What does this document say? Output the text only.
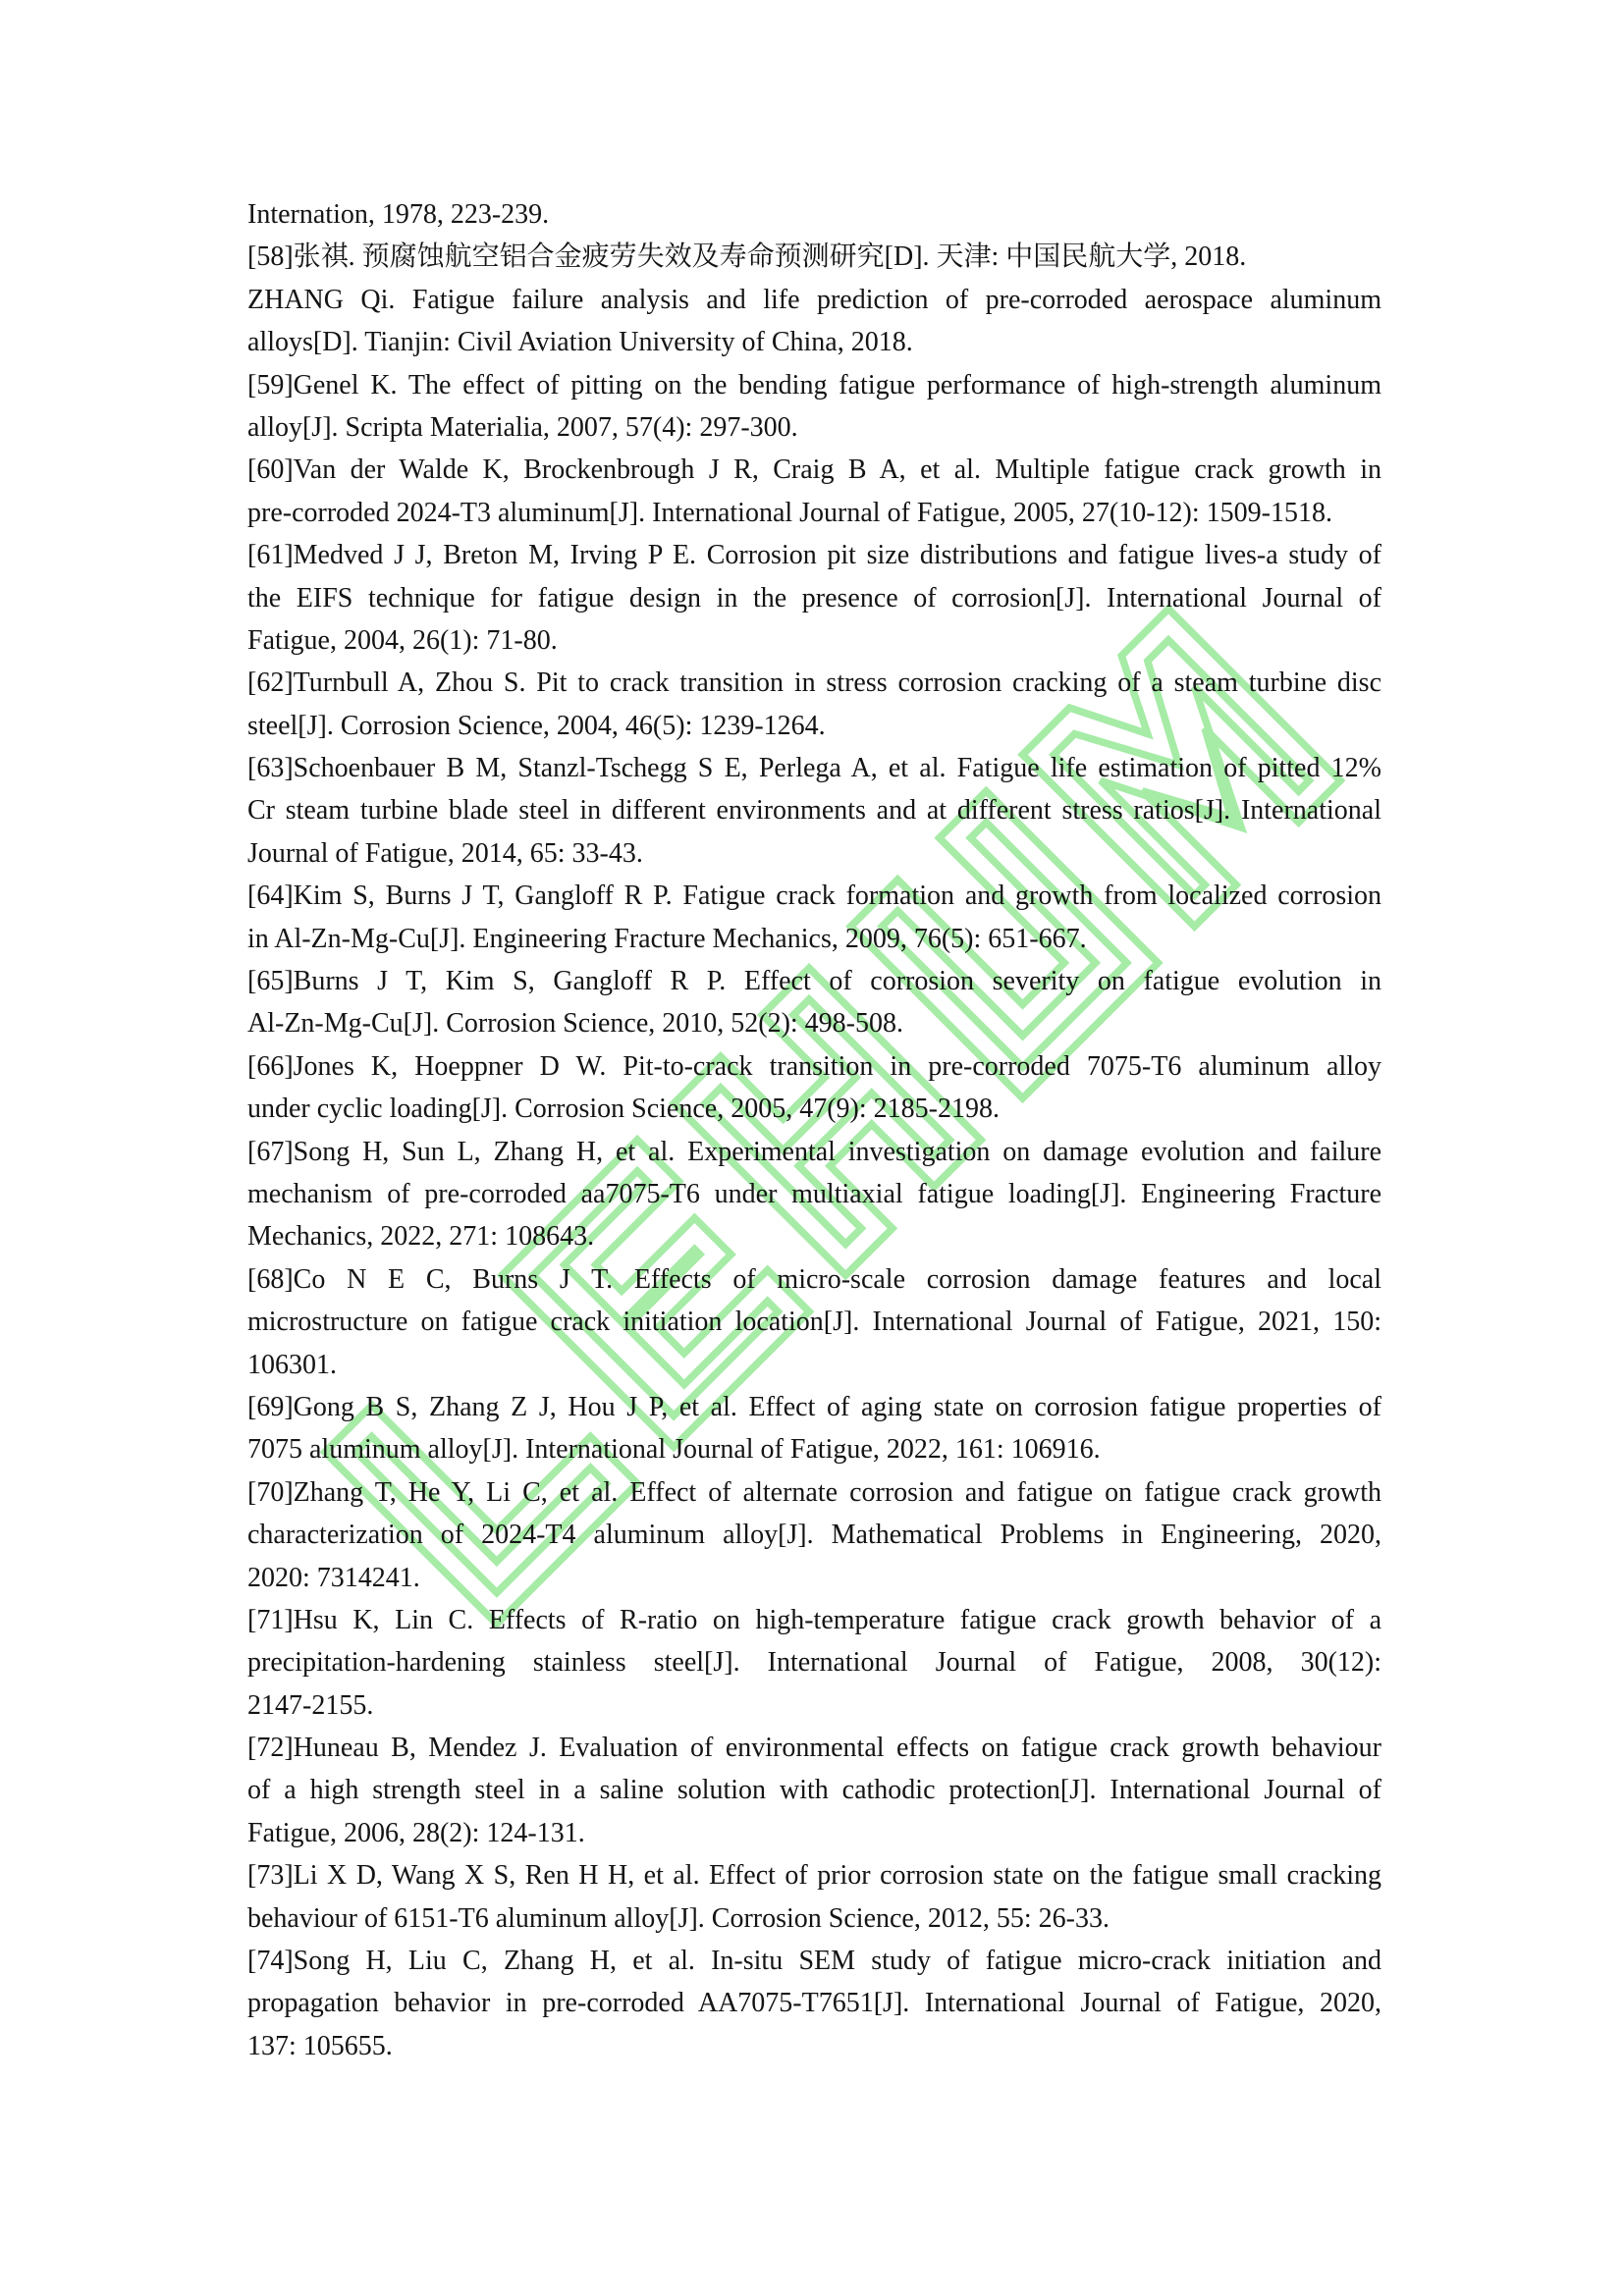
Internation, 1978, 223-239.
[58]张祺. 预腐蚀航空铝合金疲劳失效及寿命预测研究[D]. 天津: 中国民航大学, 2018.
ZHANG Qi. Fatigue failure analysis and life prediction of pre-corroded aerospace aluminum
alloys[D]. Tianjin: Civil Aviation University of China, 2018.
[59]Genel K. The effect of pitting on the bending fatigue performance of high-strength aluminum
alloy[J]. Scripta Materialia, 2007, 57(4): 297-300.
[60]Van der Walde K, Brockenbrough J R, Craig B A, et al. Multiple fatigue crack growth in
pre-corroded 2024-T3 aluminum[J]. International Journal of Fatigue, 2005, 27(10-12): 1509-1518.
[61]Medved J J, Breton M, Irving P E. Corrosion pit size distributions and fatigue lives-a study of
the EIFS technique for fatigue design in the presence of corrosion[J]. International Journal of
Fatigue, 2004, 26(1): 71-80.
[62]Turnbull A, Zhou S. Pit to crack transition in stress corrosion cracking of a steam turbine disc
steel[J]. Corrosion Science, 2004, 46(5): 1239-1264.
[63]Schoenbauer B M, Stanzl-Tschegg S E, Perlega A, et al. Fatigue life estimation of pitted 12%
Cr steam turbine blade steel in different environments and at different stress ratios[J]. International
Journal of Fatigue, 2014, 65: 33-43.
[64]Kim S, Burns J T, Gangloff R P. Fatigue crack formation and growth from localized corrosion
in Al-Zn-Mg-Cu[J]. Engineering Fracture Mechanics, 2009, 76(5): 651-667.
[65]Burns J T, Kim S, Gangloff R P. Effect of corrosion severity on fatigue evolution in
Al-Zn-Mg-Cu[J]. Corrosion Science, 2010, 52(2): 498-508.
[66]Jones K, Hoeppner D W. Pit-to-crack transition in pre-corroded 7075-T6 aluminum alloy
under cyclic loading[J]. Corrosion Science, 2005, 47(9): 2185-2198.
[67]Song H, Sun L, Zhang H, et al. Experimental investigation on damage evolution and failure
mechanism of pre-corroded aa7075-T6 under multiaxial fatigue loading[J]. Engineering Fracture
Mechanics, 2022, 271: 108643.
[68]Co N E C, Burns J T. Effects of micro-scale corrosion damage features and local
microstructure on fatigue crack initiation location[J]. International Journal of Fatigue, 2021, 150:
106301.
[69]Gong B S, Zhang Z J, Hou J P, et al. Effect of aging state on corrosion fatigue properties of
7075 aluminum alloy[J]. International Journal of Fatigue, 2022, 161: 106916.
[70]Zhang T, He Y, Li C, et al. Effect of alternate corrosion and fatigue on fatigue crack growth
characterization of 2024-T4 aluminum alloy[J]. Mathematical Problems in Engineering, 2020,
2020: 7314241.
[71]Hsu K, Lin C. Effects of R-ratio on high-temperature fatigue crack growth behavior of a
precipitation-hardening stainless steel[J]. International Journal of Fatigue, 2008, 30(12):
2147-2155.
[72]Huneau B, Mendez J. Evaluation of environmental effects on fatigue crack growth behaviour
of a high strength steel in a saline solution with cathodic protection[J]. International Journal of
Fatigue, 2006, 28(2): 124-131.
[73]Li X D, Wang X S, Ren H H, et al. Effect of prior corrosion state on the fatigue small cracking
behaviour of 6151-T6 aluminum alloy[J]. Corrosion Science, 2012, 55: 26-33.
[74]Song H, Liu C, Zhang H, et al. In-situ SEM study of fatigue micro-crack initiation and
propagation behavior in pre-corroded AA7075-T7651[J]. International Journal of Fatigue, 2020,
137: 105655.
